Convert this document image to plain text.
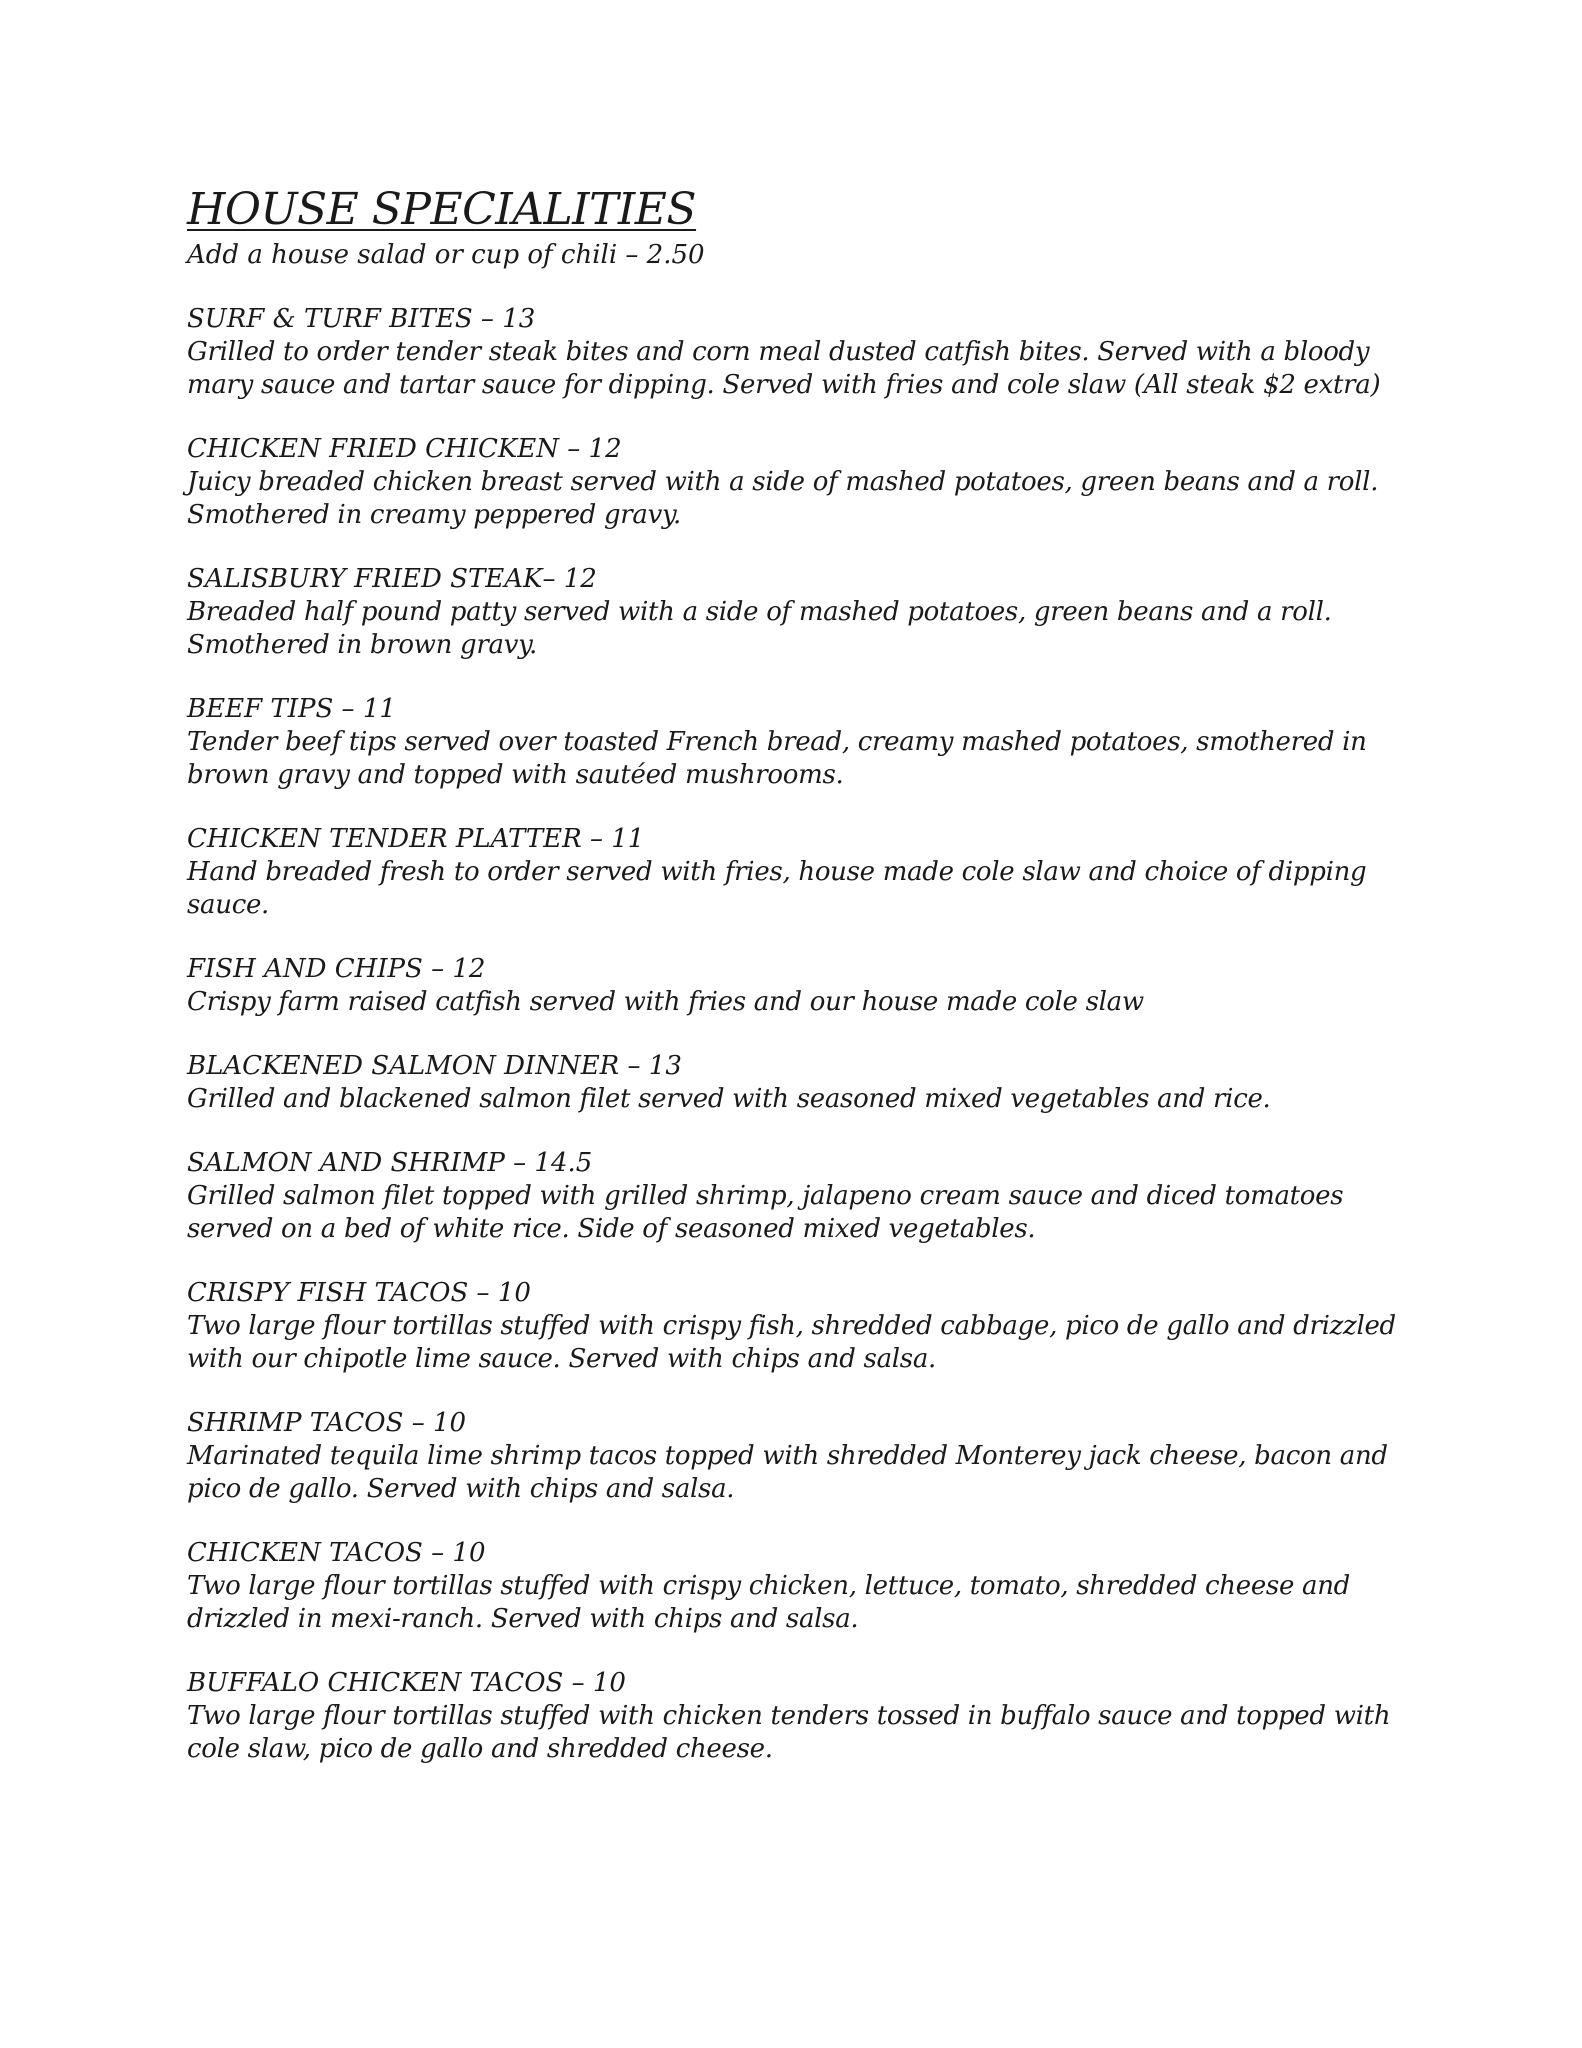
HOUSE SPECIALITIES
Add a house salad or cup of chili – 2.50
SURF & TURF BITES – 13
Grilled to order tender steak bites and corn meal dusted catfish bites. Served with a bloody mary sauce and tartar sauce for dipping. Served with fries and cole slaw (All steak $2 extra)
CHICKEN FRIED CHICKEN – 12
Juicy breaded chicken breast served with a side of mashed potatoes, green beans and a roll. Smothered in creamy peppered gravy.
SALISBURY FRIED STEAK– 12
Breaded half pound patty served with a side of mashed potatoes, green beans and a roll. Smothered in brown gravy.
BEEF TIPS – 11
Tender beef tips served over toasted French bread, creamy mashed potatoes, smothered in brown gravy and topped with sautéed mushrooms.
CHICKEN TENDER PLATTER – 11
Hand breaded fresh to order served with fries, house made cole slaw and choice of dipping sauce.
FISH AND CHIPS – 12
Crispy farm raised catfish served with fries and our house made cole slaw
BLACKENED SALMON DINNER – 13
Grilled and blackened salmon filet served with seasoned mixed vegetables and rice.
SALMON AND SHRIMP – 14.5
Grilled salmon filet topped with grilled shrimp, jalapeno cream sauce and diced tomatoes served on a bed of white rice. Side of seasoned mixed vegetables.
CRISPY FISH TACOS – 10
Two large flour tortillas stuffed with crispy fish, shredded cabbage, pico de gallo and drizzled with our chipotle lime sauce. Served with chips and salsa.
SHRIMP TACOS – 10
Marinated tequila lime shrimp tacos topped with shredded Monterey jack cheese, bacon and pico de gallo. Served with chips and salsa.
CHICKEN TACOS – 10
Two large flour tortillas stuffed with crispy chicken, lettuce, tomato, shredded cheese and drizzled in mexi-ranch. Served with chips and salsa.
BUFFALO CHICKEN TACOS – 10
Two large flour tortillas stuffed with chicken tenders tossed in buffalo sauce and topped with cole slaw, pico de gallo and shredded cheese.
